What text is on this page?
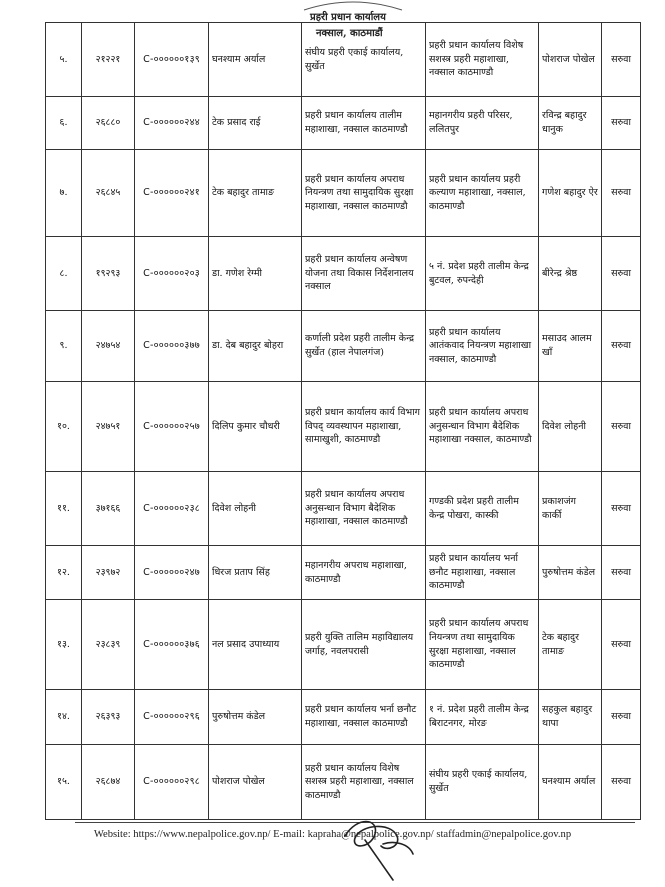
प्रहरी प्रधान कार्यालय
नक्साल, काठमाडौं
५.	२१२२१	C-००००००१३९	घनश्याम अर्याल	संघीय प्रहरी एकाई कार्यालय, सुर्खेत	प्रहरी प्रधान कार्यालय विशेष सशस्त्र प्रहरी महाशाखा, नक्साल काठमाण्डौ	पोशराज पोखेल	सरुवा
६.	२६८८०	C-००००००२४४	टेक प्रसाद राई	प्रहरी प्रधान कार्यालय तालीम महाशाखा, नक्साल काठमाण्डौ	महानगरीय प्रहरी परिसर, ललितपुर	रविन्द्र बहादुर धानुक	सरुवा
७.	२६८४५	C-००००००२४१	टेक बहादुर तामाङ	प्रहरी प्रधान कार्यालय अपराध नियन्त्रण तथा सामुदायिक सुरक्षा महाशाखा, नक्साल काठमाण्डौ	प्रहरी प्रधान कार्यालय प्रहरी कल्याण महाशाखा, नक्साल, काठमाण्डौ	गणेश बहादुर ऐर	सरुवा
८.	१९२९३	C-००००००२०३	डा. गणेश रेग्मी	प्रहरी प्रधान कार्यालय अन्वेषण योजना तथा विकास निर्देशनालय नक्साल	५ नं. प्रदेश प्रहरी तालीम केन्द्र बुटवल, रुपन्देही	बीरेन्द्र श्रेष्ठ	सरुवा
९.	२४७५४	C-००००००३७७	डा. देब बहादुर बोहरा	कर्णाली प्रदेश प्रहरी तालीम केन्द्र सुर्खेत (हाल नेपालगंज)	प्रहरी प्रधान कार्यालय आतंकवाद नियन्त्रण महाशाखा नक्साल, काठमाण्डौ	मसाउद आलम खाँ	सरुवा
१०.	२४७५१	C-००००००२५७	दिलिप कुमार चौधरी	प्रहरी प्रधान कार्यालय कार्य विभाग विपद् व्यवस्थापन महाशाखा, सामाखुशी, काठमाण्डौ	प्रहरी प्रधान कार्यालय अपराध अनुसन्धान विभाग बैदेशिक महाशाखा नक्साल, काठमाण्डौ	दिवेश लोहनी	सरुवा
११.	३७१६६	C-००००००२३८	दिवेश लोहनी	प्रहरी प्रधान कार्यालय अपराध अनुसन्धान विभाग बैदेशिक महाशाखा, नक्साल काठमाण्डौ	गण्डकी प्रदेश प्रहरी तालीम केन्द्र पोखरा, कास्की	प्रकाशजंग कार्की	सरुवा
१२.	२३९७२	C-००००००२४७	धिरज प्रताप सिंह	महानगरीय अपराध महाशाखा, काठमाण्डौ	प्रहरी प्रधान कार्यालय भर्ना छनौट महाशाखा, नक्साल काठमाण्डौ	पुरुषोत्तम कंडेल	सरुवा
१३.	२३८३९	C-००००००३७६	नल प्रसाद उपाध्याय	प्रहरी युक्ति तालिम महाविद्यालय जर्गाह, नवलपरासी	प्रहरी प्रधान कार्यालय अपराध नियन्त्रण तथा सामुदायिक सुरक्षा महाशाखा, नक्साल काठमाण्डौ	टेक बहादुर तामाङ	सरुवा
१४.	२६३९३	C-००००००२९६	पुरुषोत्तम कंडेल	प्रहरी प्रधान कार्यालय भर्ना छनौट महाशाखा, नक्साल काठमाण्डौ	१ नं. प्रदेश प्रहरी तालीम केन्द्र बिराटनगर, मोरङ	सहकुल बहादुर थापा	सरुवा
१५.	२६८७४	C-००००००२९८	पोशराज पोखेल	प्रहरी प्रधान कार्यालय विशेष सशस्त्र प्रहरी महाशाखा, नक्साल काठमाण्डौ	संघीय प्रहरी एकाई कार्यालय, सुर्खेत	घनश्याम अर्याल	सरुवा
Website: https://www.nepalpolice.gov.np/ E-mail: kapraha@nepalpolice.gov.np/ staffadmin@nepalpolice.gov.np
